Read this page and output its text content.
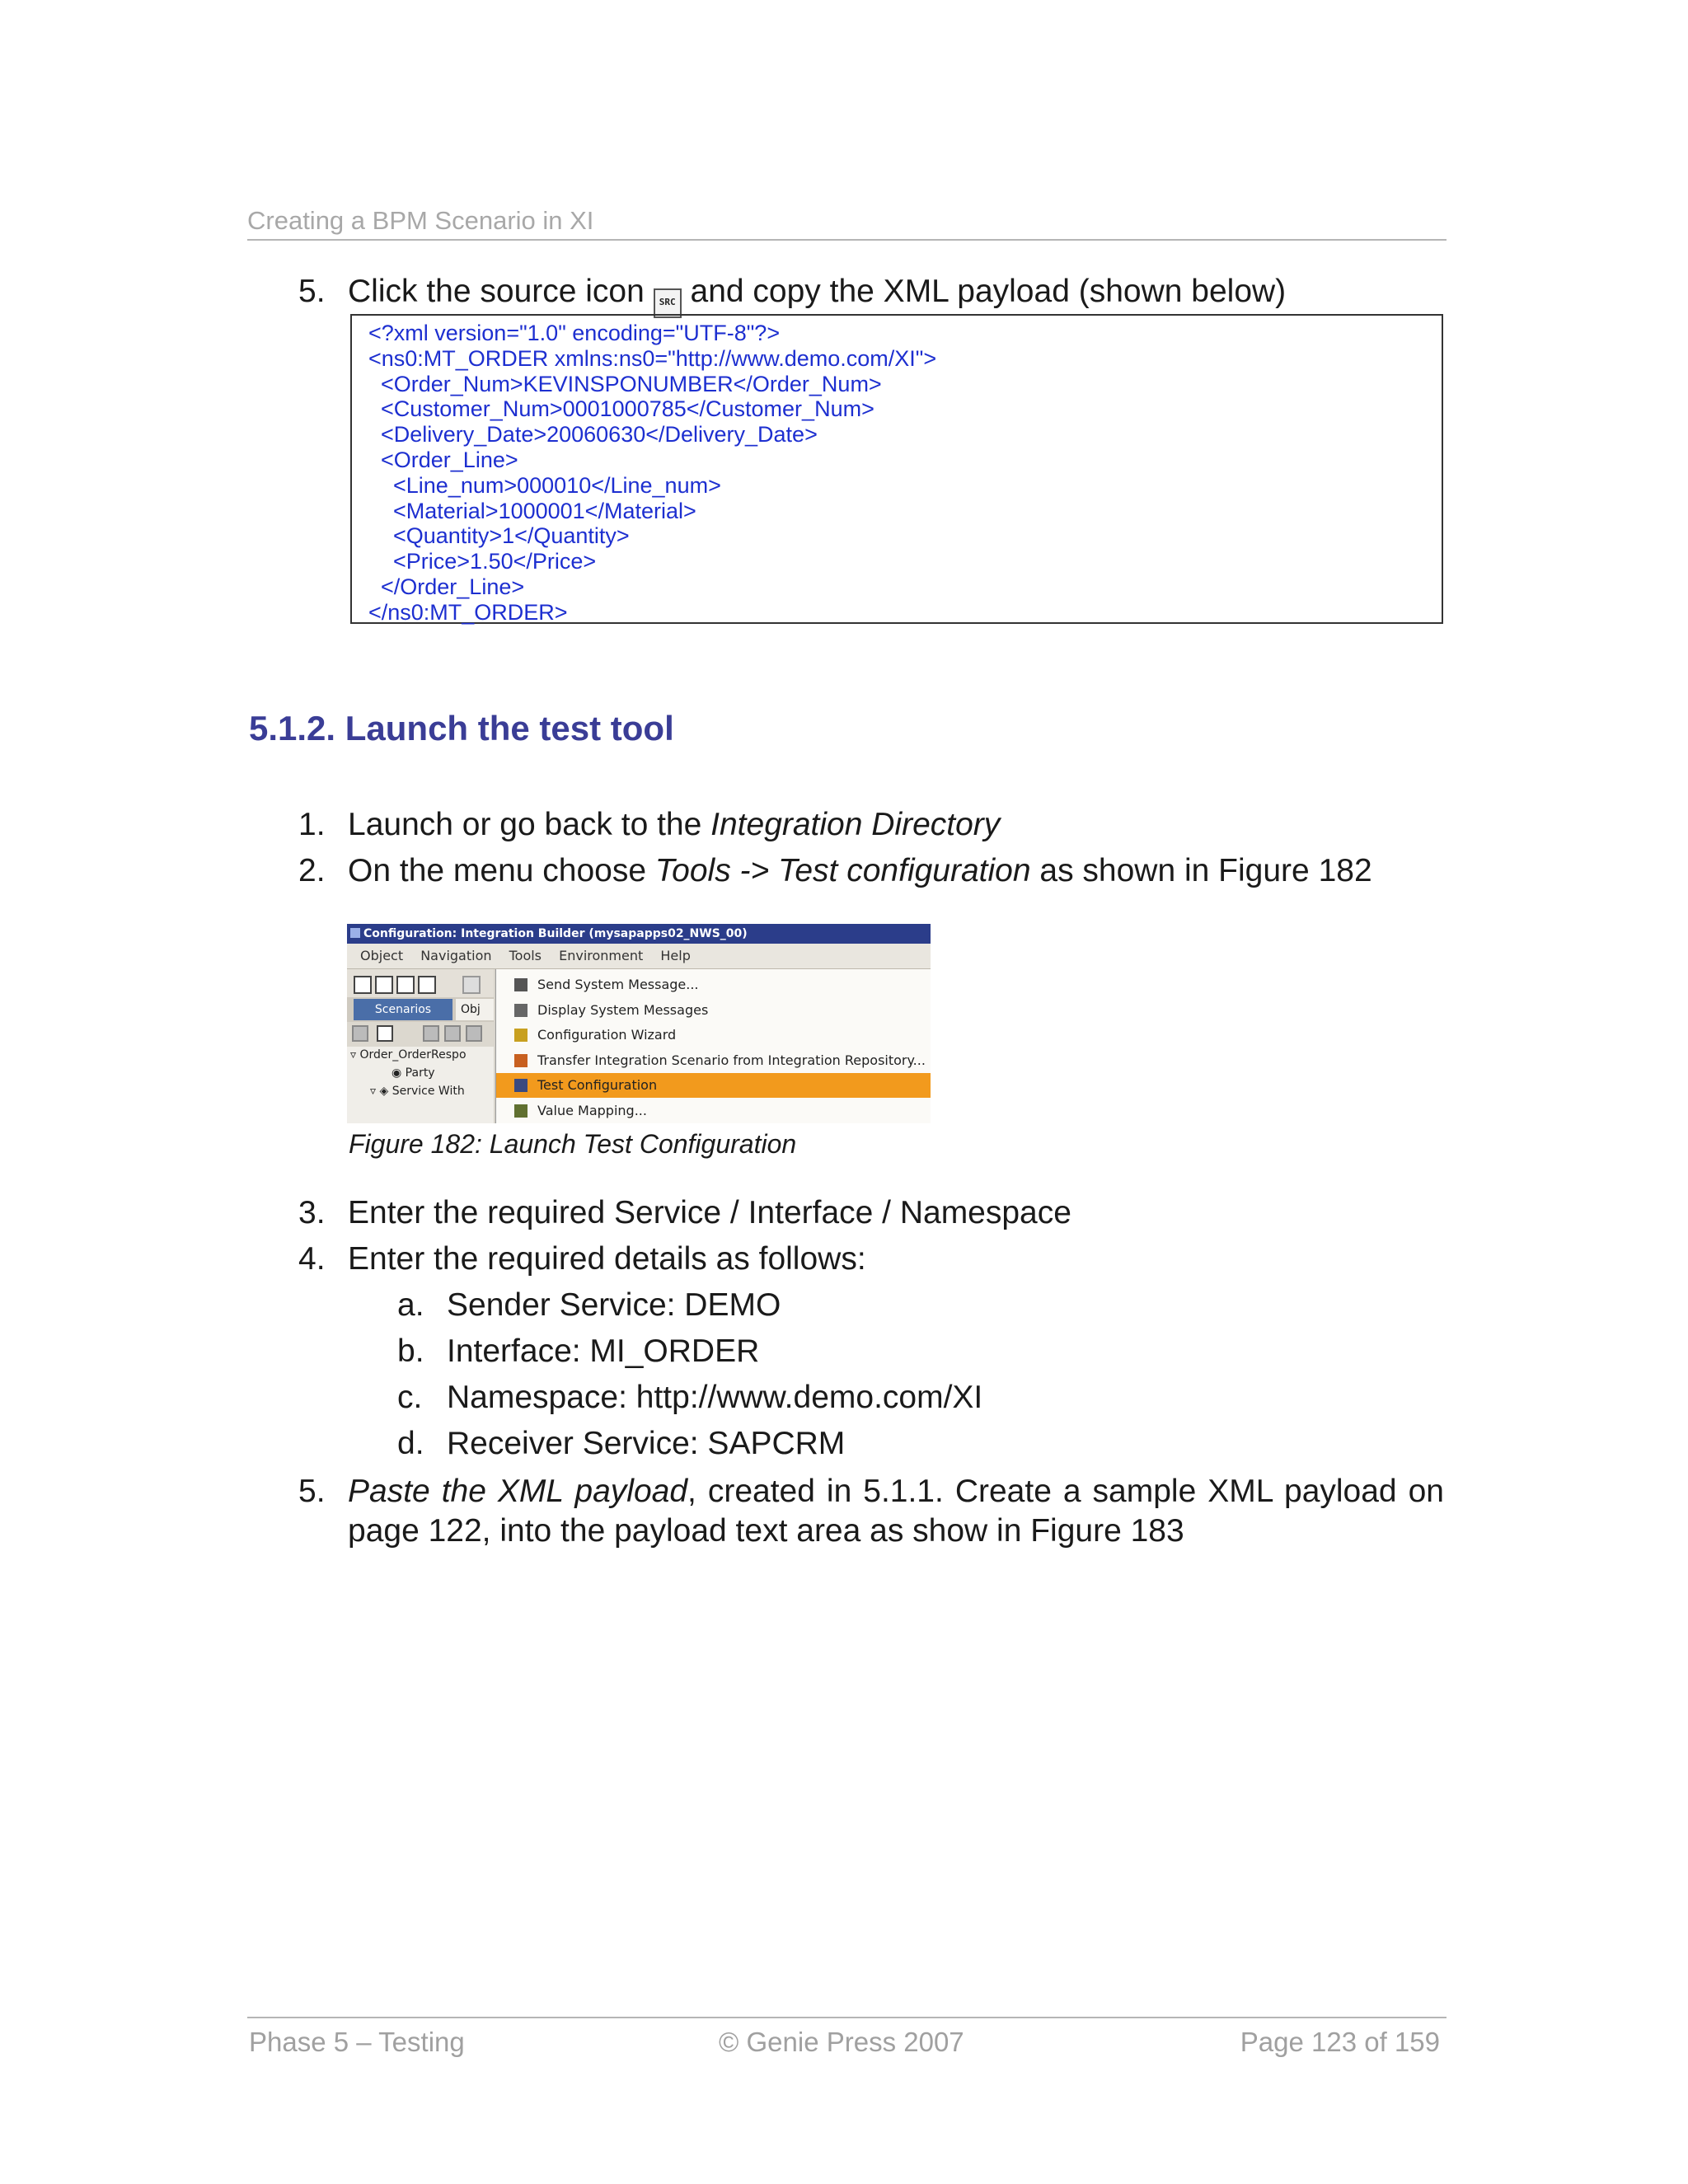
Creating a BPM Scenario in XI
5. Click the source icon SRC and copy the XML payload (shown below)
<?xml version="1.0" encoding="UTF-8"?>
<ns0:MT_ORDER xmlns:ns0="http://www.demo.com/XI">
<Order_Num>KEVINSPONUMBER</Order_Num>
<Customer_Num>0001000785</Customer_Num>
<Delivery_Date>20060630</Delivery_Date>
<Order_Line>
<Line_num>000010</Line_num>
<Material>1000001</Material>
<Quantity>1</Quantity>
<Price>1.50</Price>
</Order_Line>
</ns0:MT_ORDER>
5.1.2. Launch the test tool
1. Launch or go back to the Integration Directory
2. On the menu choose Tools -> Test configuration as shown in Figure 182
Configuration: Integration Builder (mysapapps02_NWS_00)
Object Navigation Tools Environment Help
Scenarios	Obj
▿ Order_OrderRespo
◉ Party
▿ ◈ Service With
Send System Message...
Display System Messages
Configuration Wizard
Transfer Integration Scenario from Integration Repository...
Test Configuration
Value Mapping...
Figure 182: Launch Test Configuration
3. Enter the required Service / Interface / Namespace
4. Enter the required details as follows:
a. Sender Service: DEMO
b. Interface: MI_ORDER
c. Namespace: http://www.demo.com/XI
d. Receiver Service: SAPCRM
5. Paste the XML payload, created in 5.1.1. Create a sample XML payload on page 122, into the payload text area as show in Figure 183
Phase 5 – Testing	© Genie Press 2007	Page 123 of 159
